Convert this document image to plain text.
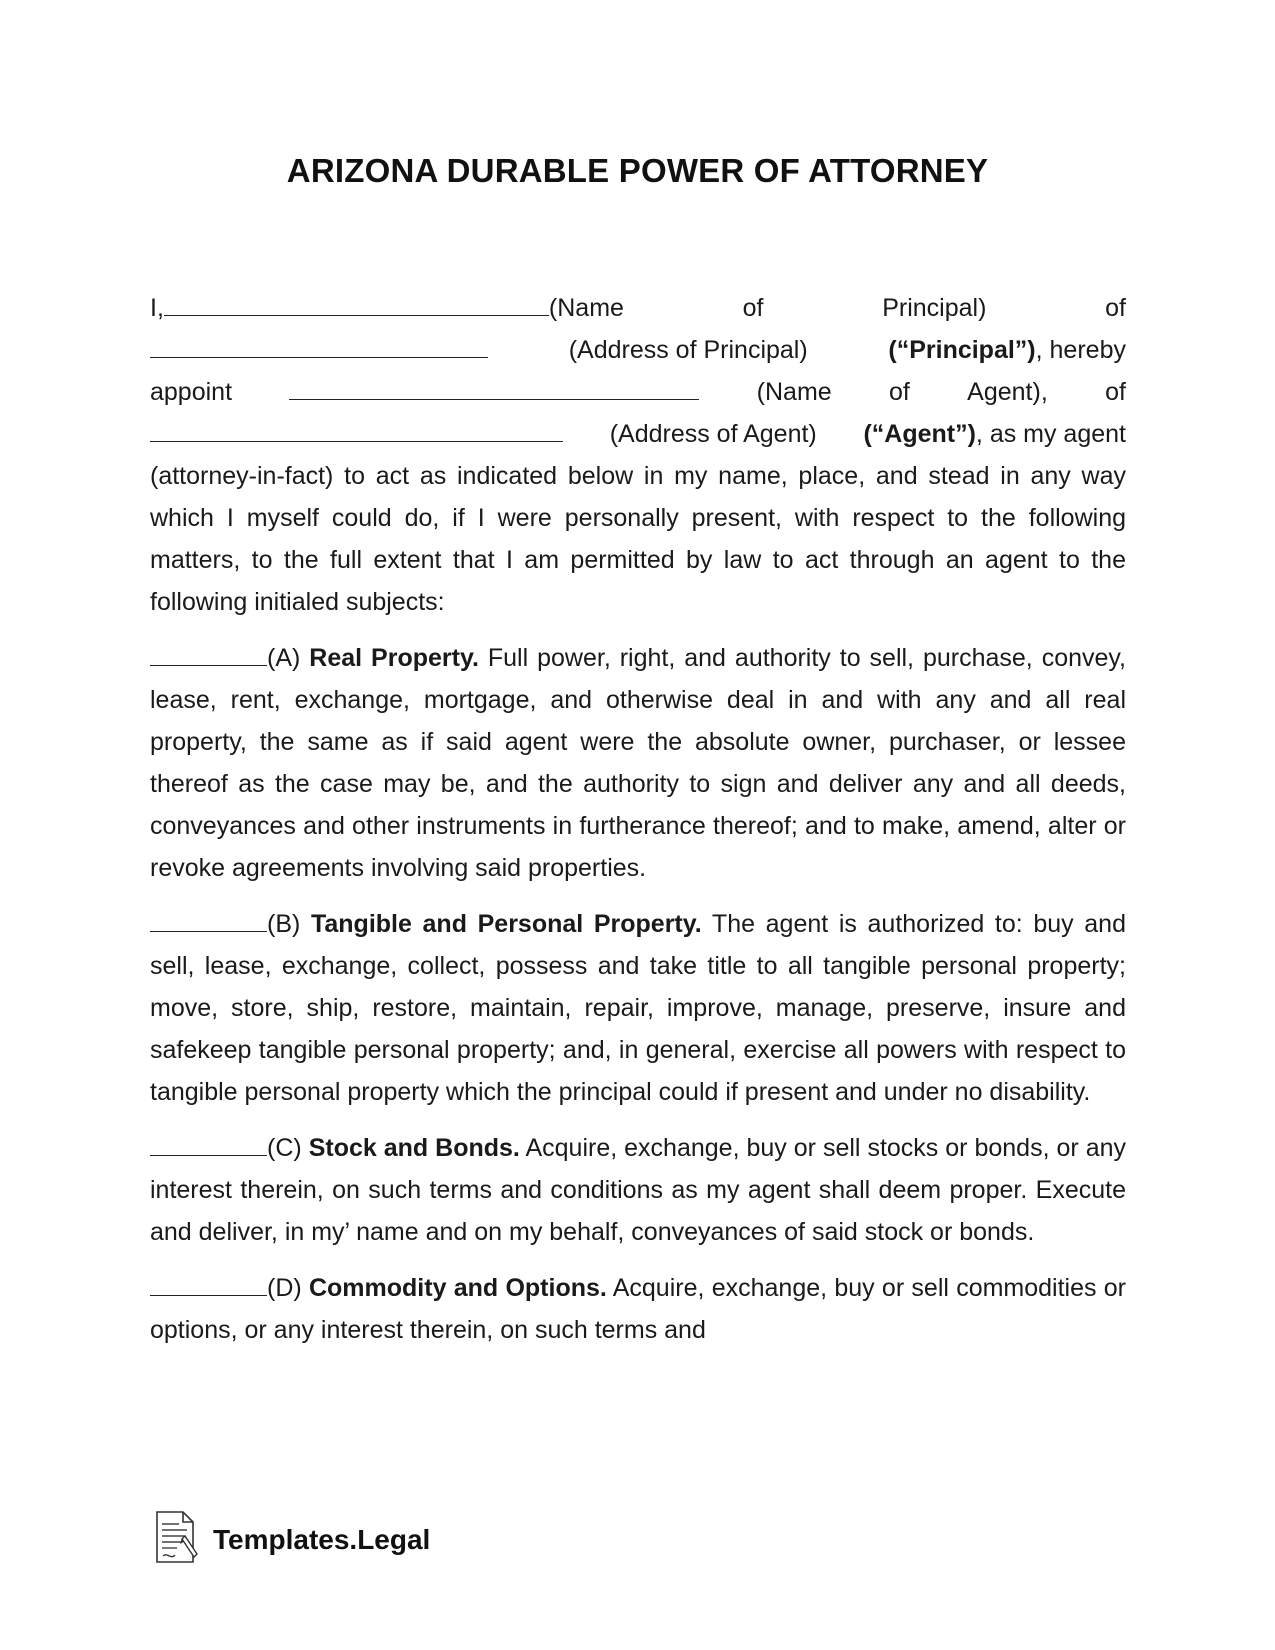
ARIZONA DURABLE POWER OF ATTORNEY
I,	(Name	of	Principal)	of
(Address of Principal)	(“Principal”), hereby
appoint	(Name of Agent), of
(Address of Agent) (“Agent”), as my agent

(attorney-in-fact) to act as indicated below in my name, place, and stead in any way which I myself could do, if I were personally present, with respect to the following matters, to the full extent that I am permitted by law to act through an agent to the following initialed subjects:

(A) Real Property. Full power, right, and authority to sell, purchase, convey, lease, rent, exchange, mortgage, and otherwise deal in and with any and all real property, the same as if said agent were the absolute owner, purchaser, or lessee thereof as the case may be, and the authority to sign and deliver any and all deeds, conveyances and other instruments in furtherance thereof; and to make, amend, alter or revoke agreements involving said properties.

(B) Tangible and Personal Property. The agent is authorized to: buy and sell, lease, exchange, collect, possess and take title to all tangible personal property; move, store, ship, restore, maintain, repair, improve, manage, preserve, insure and safekeep tangible personal property; and, in general, exercise all powers with respect to tangible personal property which the principal could if present and under no disability.

(C) Stock and Bonds. Acquire, exchange, buy or sell stocks or bonds, or any interest therein, on such terms and conditions as my agent shall deem proper. Execute and deliver, in my’ name and on my behalf, conveyances of said stock or bonds.

(D) Commodity and Options. Acquire, exchange, buy or sell commodities or options, or any interest therein, on such terms and

Templates.Legal
